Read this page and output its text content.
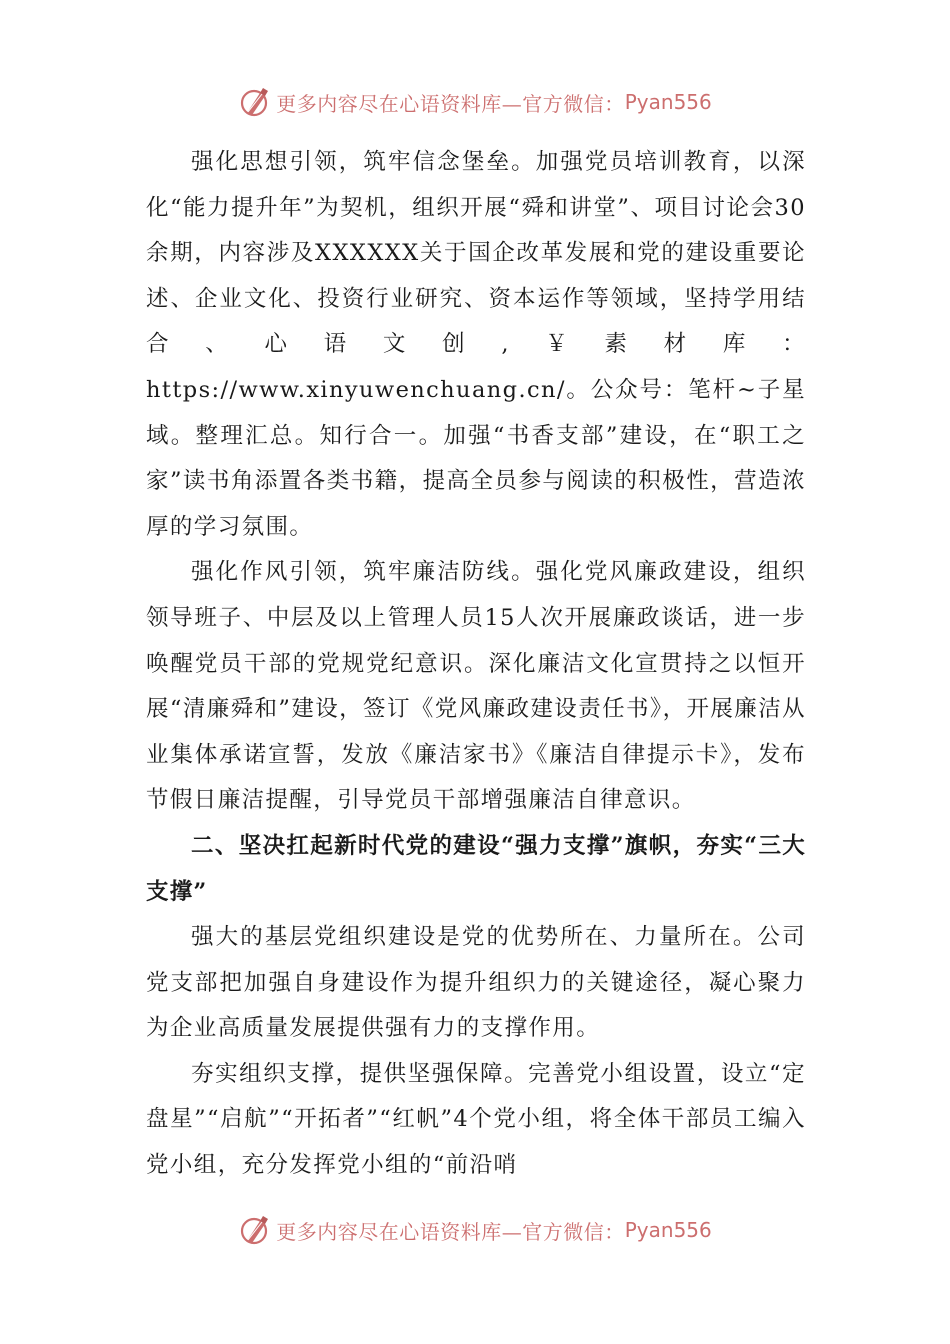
更多内容尽在心语资料库—官方微信： Pyan556

强化思想引领，筑牢信念堡垒。加强党员培训教育，以深化“能力提升年”为契机，组织开展“舜和讲堂”、项目讨论会30余期，内容涉及XXXXXX关于国企改革发展和党的建设重要论述、企业文化、投资行业研究、资本运作等领域，坚持学用结合、心语文创,￥素材库：https://www.xinyuwenchuang.cn/。公众号：笔杆~子星域。整理汇总。知行合一。加强“书香支部”建设，在“职工之家”读书角添置各类书籍，提高全员参与阅读的积极性，营造浓厚的学习氛围。

强化作风引领，筑牢廉洁防线。强化党风廉政建设，组织领导班子、中层及以上管理人员15人次开展廉政谈话，进一步唤醒党员干部的党规党纪意识。深化廉洁文化宣贯持之以恒开展“清廉舜和”建设，签订《党风廉政建设责任书》，开展廉洁从业集体承诺宣誓，发放《廉洁家书》《廉洁自律提示卡》，发布节假日廉洁提醒，引导党员干部增强廉洁自律意识。

二、坚决扛起新时代党的建设“强力支撑”旗帜，夯实“三大支撑”

强大的基层党组织建设是党的优势所在、力量所在。公司党支部把加强自身建设作为提升组织力的关键途径，凝心聚力为企业高质量发展提供强有力的支撑作用。

夯实组织支撑，提供坚强保障。完善党小组设置，设立“定盘星”“启航”“开拓者”“红帆”4个党小组，将全体干部员工编入党小组，充分发挥党小组的“前沿哨

更多内容尽在心语资料库—官方微信： Pyan556
